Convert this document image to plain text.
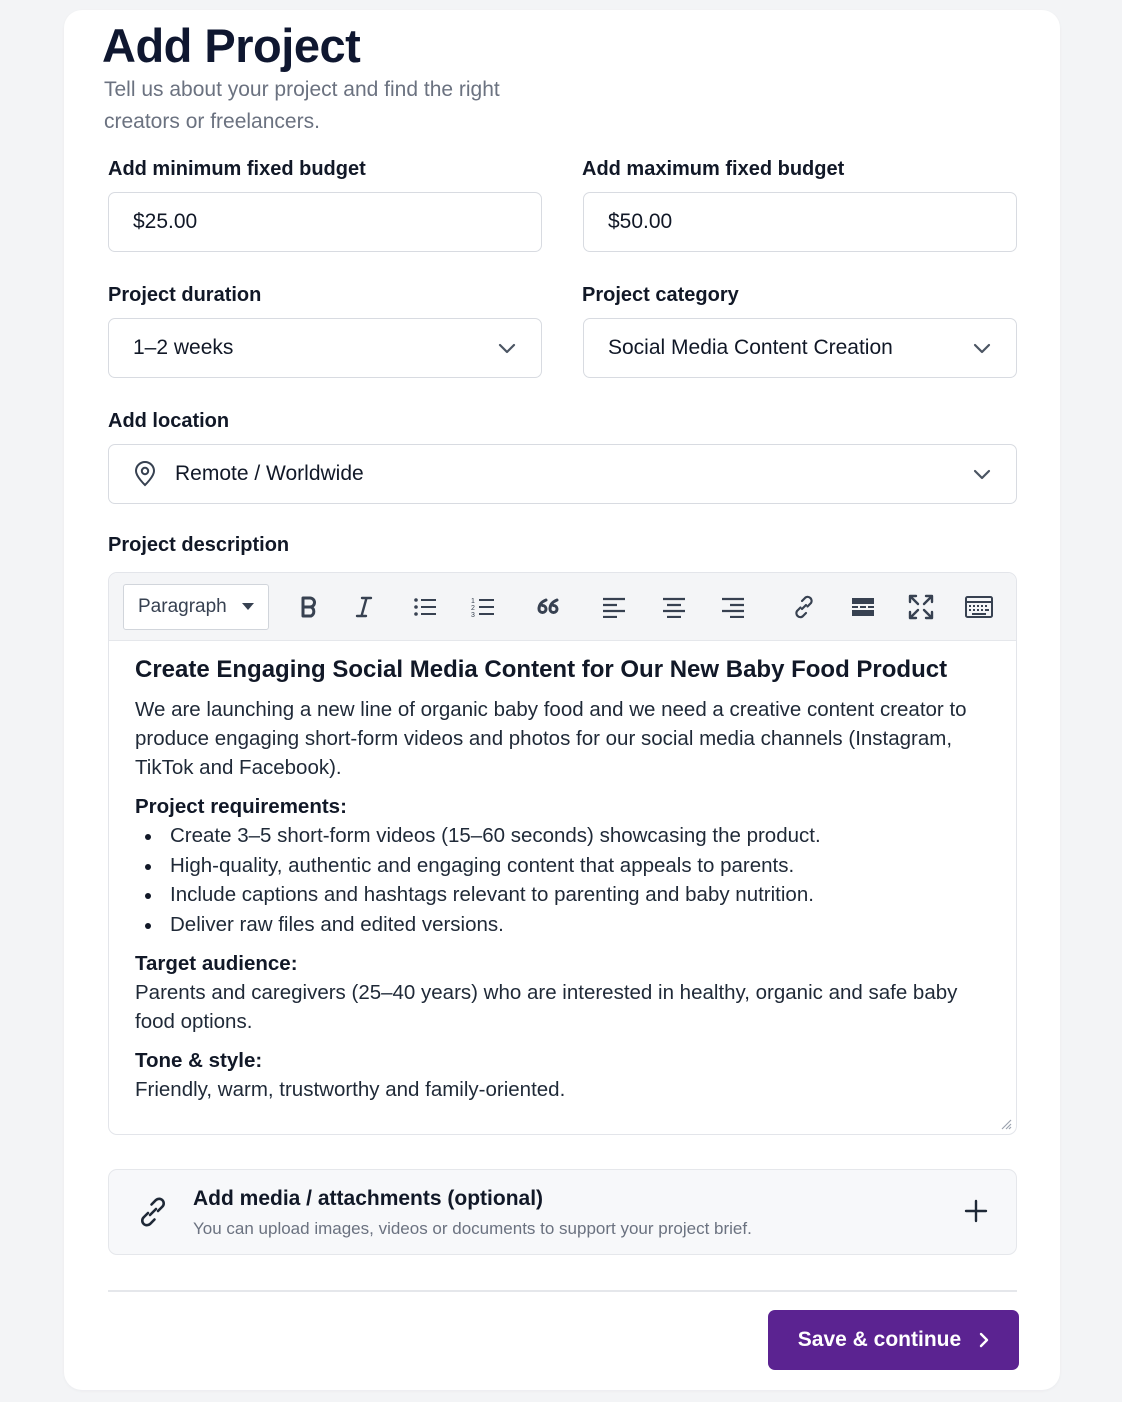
Add Project

Tell us about your project and find the right creators or freelancers.

Add minimum fixed budget
$25.00
Add maximum fixed budget
$50.00
Project duration
1–2 weeks
Project category
Social Media Content Creation
Add location
Remote / Worldwide
Project description
Paragraph	1
2
3
Create Engaging Social Media Content for Our New Baby Food Product

We are launching a new line of organic baby food and we need a creative content creator to produce engaging short-form videos and photos for our social media channels (Instagram, TikTok and Facebook).

Project requirements:
Create 3–5 short-form videos (15–60 seconds) showcasing the product.
High-quality, authentic and engaging content that appeals to parents.
Include captions and hashtags relevant to parenting and baby nutrition.
Deliver raw files and edited versions.
Target audience:

Parents and caregivers (25–40 years) who are interested in healthy, organic and safe baby food options.

Tone & style:

Friendly, warm, trustworthy and family-oriented.

Add media / attachments (optional)
You can upload images, videos or documents to support your project brief.
Save & continue
